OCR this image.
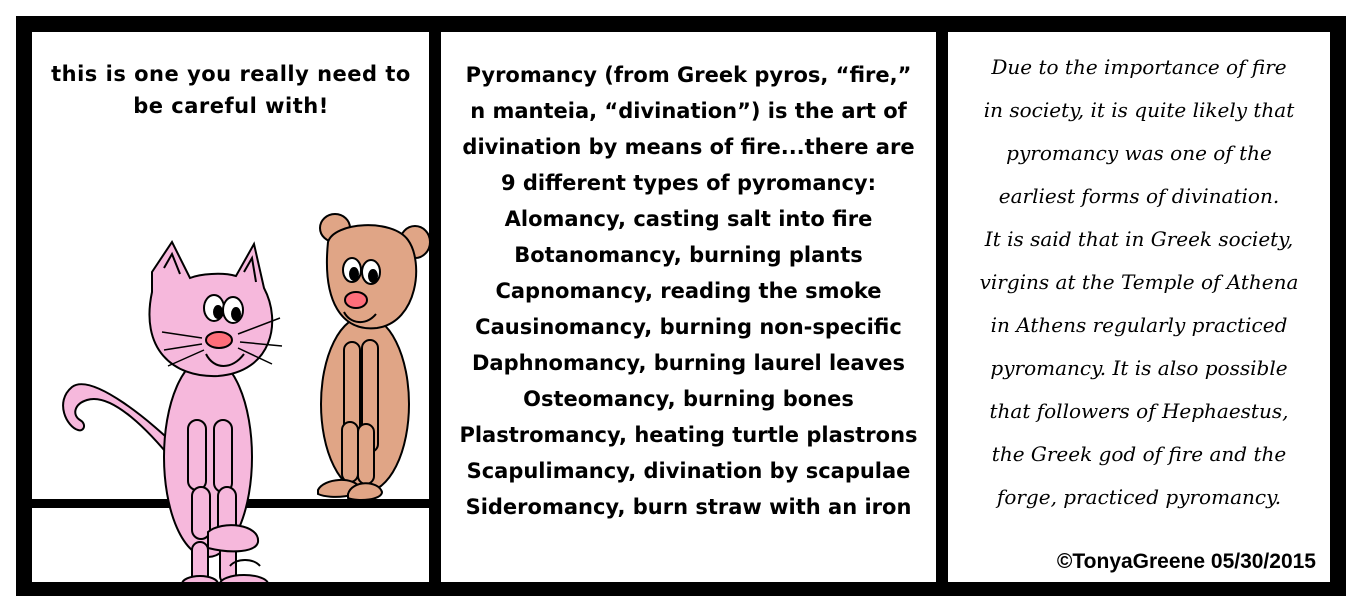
this is one you really need to
be careful with!
Pyromancy (from Greek pyros, “fire,”
n manteia, “divination”) is the art of
divination by means of fire...there are
9 different types of pyromancy:
Alomancy, casting salt into fire
Botanomancy, burning plants
Capnomancy, reading the smoke
Causinomancy, burning non-specific
Daphnomancy, burning laurel leaves
Osteomancy, burning bones
Plastromancy, heating turtle plastrons
Scapulimancy, divination by scapulae
Sideromancy, burn straw with an iron
Due to the importance of fire
in society, it is quite likely that
pyromancy was one of the
earliest forms of divination.
It is said that in Greek society,
virgins at the Temple of Athena
in Athens regularly practiced
pyromancy. It is also possible
that followers of Hephaestus,
the Greek god of fire and the
forge, practiced pyromancy.
©TonyaGreene 05/30/2015
